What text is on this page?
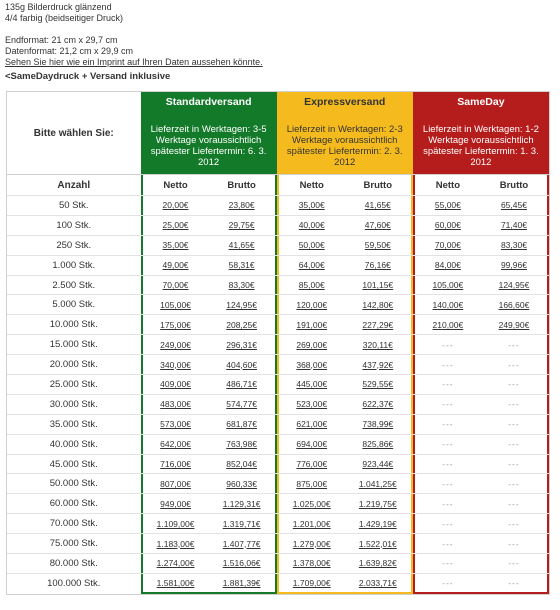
135g Bilderdruck glänzend
4/4 farbig (beidseitiger Druck)
Endformat: 21 cm x 29,7 cm
Datenformat: 21,2 cm x 29,9 cm
Sehen Sie hier wie ein Imprint auf Ihren Daten aussehen könnte.
<SameDaydruck + Versand inklusive
Bitte wählen Sie:
Standardversand
Lieferzeit in Werktagen: 3-5 Werktage voraussichtlich spätester Liefertermin: 6. 3. 2012
Expressversand
Lieferzeit in Werktagen: 2-3 Werktage voraussichtlich spätester Liefertermin: 2. 3. 2012
SameDay
Lieferzeit in Werktagen: 1-2 Werktage voraussichtlich spätester Liefertermin: 1. 3. 2012
Anzahl	Netto	Brutto	Netto	Brutto	Netto	Brutto
50 Stk.	20,00€	23,80€	35,00€	41,65€	55,00€	65,45€
100 Stk.	25,00€	29,75€	40,00€	47,60€	60,00€	71,40€
250 Stk.	35,00€	41,65€	50,00€	59,50€	70,00€	83,30€
1.000 Stk.	49,00€	58,31€	64,00€	76,16€	84,00€	99,96€
2.500 Stk.	70,00€	83,30€	85,00€	101,15€	105,00€	124,95€
5.000 Stk.	105,00€	124,95€	120,00€	142,80€	140,00€	166,60€
10.000 Stk.	175,00€	208,25€	191,00€	227,29€	210,00€	249,90€
15.000 Stk.	249,00€	296,31€	269,00€	320,11€	---	---
20.000 Stk.	340,00€	404,60€	368,00€	437,92€	---	---
25.000 Stk.	409,00€	486,71€	445,00€	529,55€	---	---
30.000 Stk.	483,00€	574,77€	523,00€	622,37€	---	---
35.000 Stk.	573,00€	681,87€	621,00€	738,99€	---	---
40.000 Stk.	642,00€	763,98€	694,00€	825,86€	---	---
45.000 Stk.	716,00€	852,04€	776,00€	923,44€	---	---
50.000 Stk.	807,00€	960,33€	875,00€	1.041,25€	---	---
60.000 Stk.	949,00€	1.129,31€	1.025,00€	1.219,75€	---	---
70.000 Stk.	1.109,00€	1.319,71€	1.201,00€	1.429,19€	---	---
75.000 Stk.	1.183,00€	1.407,77€	1.279,00€	1.522,01€	---	---
80.000 Stk.	1.274,00€	1.516,06€	1.378,00€	1.639,82€	---	---
100.000 Stk.	1.581,00€	1.881,39€	1.709,00€	2.033,71€	---	---
